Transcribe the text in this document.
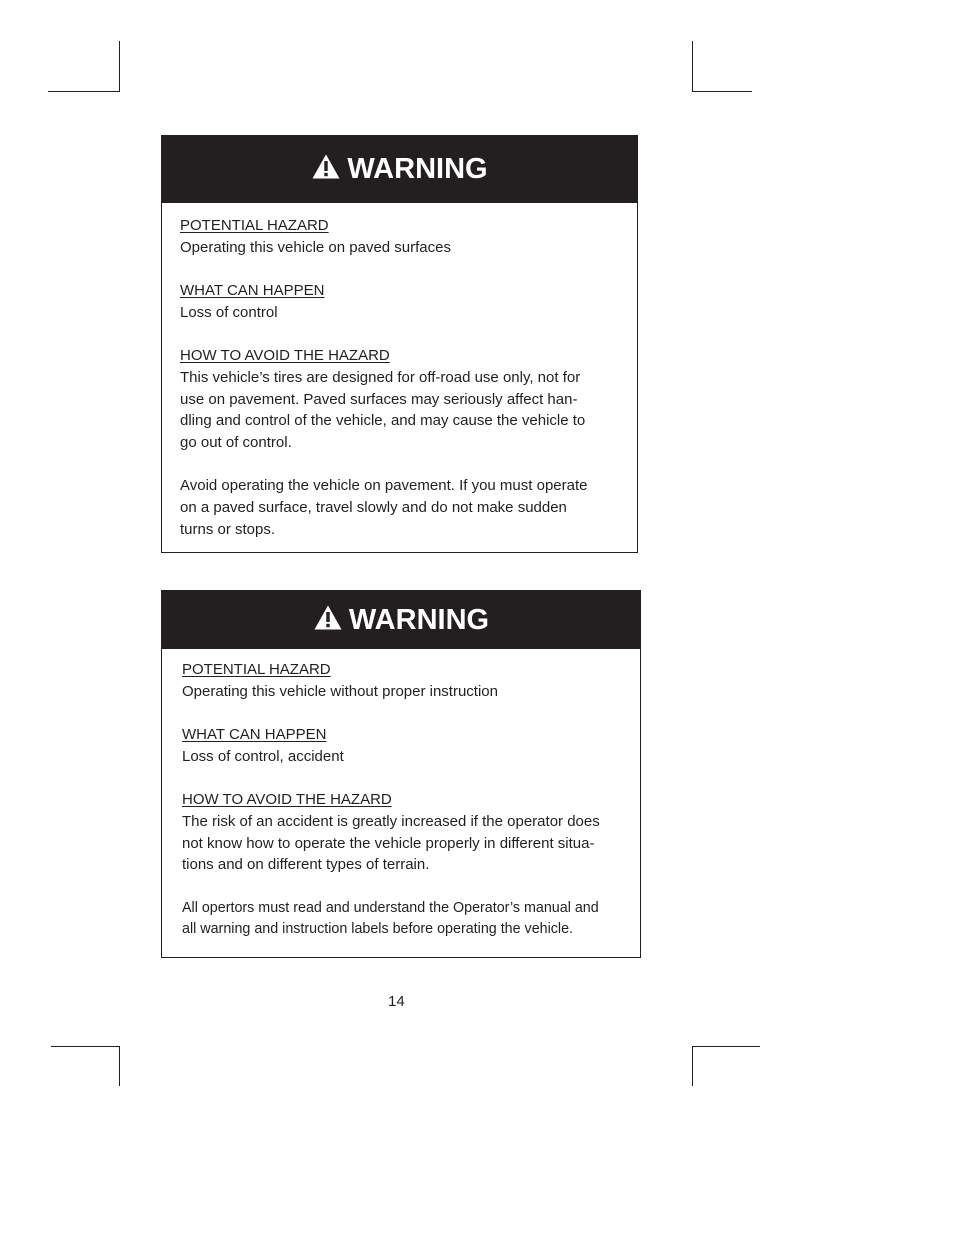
WARNING
POTENTIAL HAZARD
Operating this vehicle on paved surfaces
WHAT CAN HAPPEN
Loss of control
HOW TO AVOID THE HAZARD
This vehicle’s tires are designed for off-road use only, not for
use on pavement. Paved surfaces may seriously affect han-
dling and control of the vehicle, and may cause the vehicle to
go out of control.
Avoid operating the vehicle on pavement. If you must operate
on a paved surface, travel slowly and do not make sudden
turns or stops.
WARNING
POTENTIAL HAZARD
Operating this vehicle without proper instruction
WHAT CAN HAPPEN
Loss of control, accident
HOW TO AVOID THE HAZARD
The risk of an accident is greatly increased if the operator does
not know how to operate the vehicle properly in different situa-
tions and on different types of terrain.
All opertors must read and understand the Operator’s manual and
all warning and instruction labels before operating the vehicle.
14
